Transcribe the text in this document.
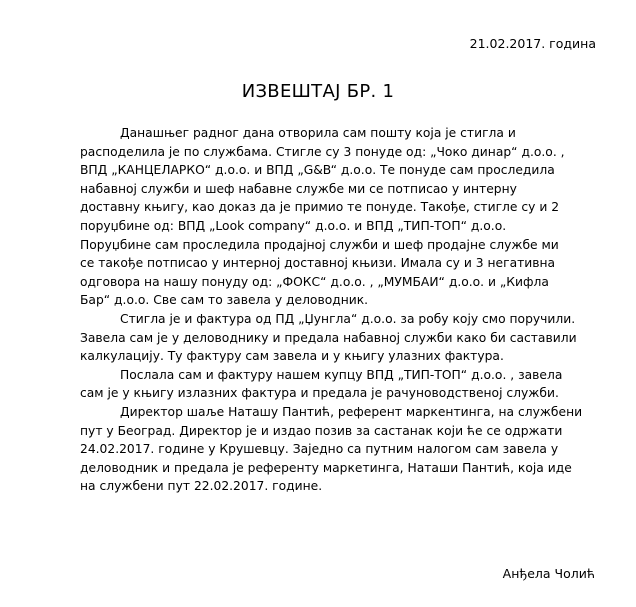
21.02.2017. година
ИЗВЕШТАЈ БР. 1
Данашњег радног дана отворила сам пошту која је стигла и
расподелила је по службама. Стигле су 3 понуде од: „Чоко динар“ д.о.о. ,
ВПД „КАНЦЕЛАРКО“ д.о.о. и ВПД „G&B“ д.о.о. Те понуде сам проследила
набавној служби и шеф набавне службе ми се потписао у интерну
доставну књигу, као доказ да је примио те понуде. Такође, стигле су и 2
поруџбине од: ВПД „Look company“ д.о.о. и ВПД „ТИП-ТОП“ д.о.о.
Поруџбине сам проследила продајној служби и шеф продајне службе ми
се такође потписао у интерној доставној књизи. Имала су и 3 негативна
одговора на нашу понуду од: „ФОКС“ д.о.о. , „МУМБАИ“ д.о.о. и „Кифла
Бар“ д.о.о. Све сам то завела у деловодник.
Стигла је и фактура од ПД „Џунгла“ д.о.о. за робу коју смо поручили.
Завела сам је у деловоднику и предала набавној служби како би саставили
калкулацију. Ту фактуру сам завела и у књигу улазних фактура.
Послала сам и фактуру нашем купцу ВПД „ТИП-ТОП“ д.о.о. , завела
сам је у књигу излазних фактура и предала је рачуноводственој служби.
Директор шаље Наташу Пантић, референт маркентинга, на службени
пут у Београд. Директор је и издао позив за састанак који ће се одржати
24.02.2017. године у Крушевцу. Заједно са путним налогом сам завела у
деловодник и предала је референту маркетинга, Наташи Пантић, која иде
на службени пут 22.02.2017. године.
Анђела Чолић
